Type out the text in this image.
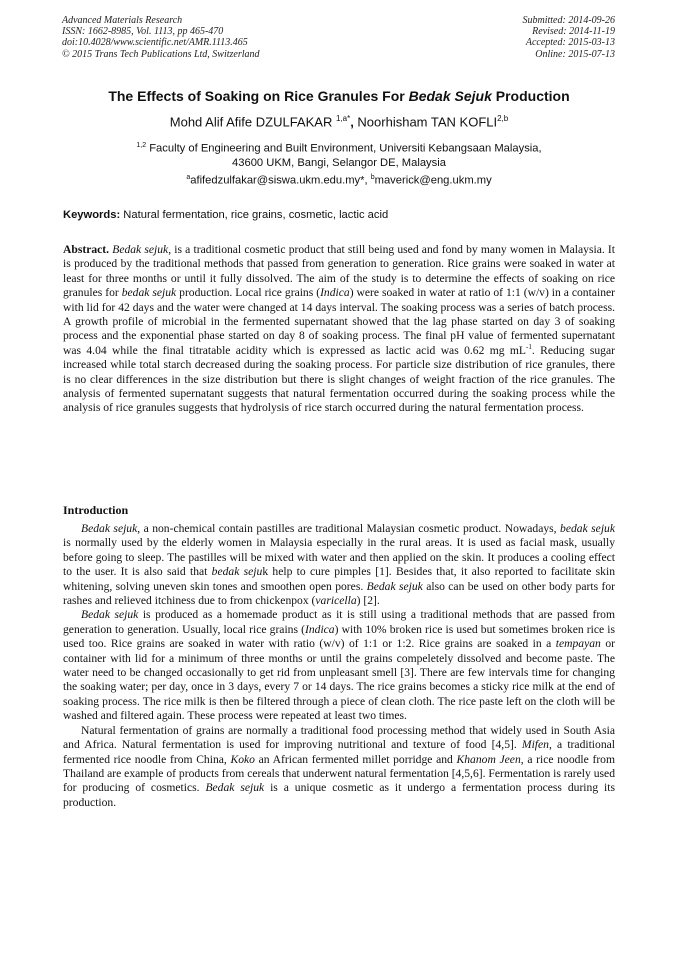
Advanced Materials Research
ISSN: 1662-8985, Vol. 1113, pp 465-470
doi:10.4028/www.scientific.net/AMR.1113.465
© 2015 Trans Tech Publications Ltd, Switzerland
Submitted: 2014-09-26
Revised: 2014-11-19
Accepted: 2015-03-13
Online: 2015-07-13
The Effects of Soaking on Rice Granules For Bedak Sejuk Production
Mohd Alif Afife DZULFAKAR $^{1,a*}$, Noorhisham TAN KOFLI$^{2,b}$
$^{1,2}$ Faculty of Engineering and Built Environment, Universiti Kebangsaan Malaysia,
43600 UKM, Bangi, Selangor DE, Malaysia
$^a$afifedzulfakar@siswa.ukm.edu.my*, $^b$maverick@eng.ukm.my
Keywords: Natural fermentation, rice grains, cosmetic, lactic acid
Abstract. Bedak sejuk, is a traditional cosmetic product that still being used and fond by many women in Malaysia. It is produced by the traditional methods that passed from generation to generation. Rice grains were soaked in water at least for three months or until it fully dissolved. The aim of the study is to determine the effects of soaking on rice granules for bedak sejuk production. Local rice grains (Indica) were soaked in water at ratio of 1:1 (w/v) in a container with lid for 42 days and the water were changed at 14 days interval. The soaking process was a series of batch process. A growth profile of microbial in the fermented supernatant showed that the lag phase started on day 3 of soaking process and the exponential phase started on day 8 of soaking process. The final pH value of fermented supernatant was 4.04 while the final titratable acidity which is expressed as lactic acid was 0.62 mg $mL^{-1}$. Reducing sugar increased while total starch decreased during the soaking process. For particle size distribution of rice granules, there is no clear differences in the size distribution but there is slight changes of weight fraction of the rice granules. The analysis of fermented supernatant suggests that natural fermentation occurred during the soaking process while the analysis of rice granules suggests that hydrolysis of rice starch occurred during the natural fermentation process.
Introduction

Bedak sejuk, a non-chemical contain pastilles are traditional Malaysian cosmetic product. Nowadays, bedak sejuk is normally used by the elderly women in Malaysia especially in the rural areas. It is used as facial mask, usually before going to sleep. The pastilles will be mixed with water and then applied on the skin. It produces a cooling effect to the user. It is also said that bedak sejuk help to cure pimples [1]. Besides that, it also reported to facilitate skin whitening, solving uneven skin tones and smoothen open pores. Bedak sejuk also can be used on other body parts for rashes and relieved itchiness due to from chickenpox (varicella) [2].

Bedak sejuk is produced as a homemade product as it is still using a traditional methods that are passed from generation to generation. Usually, local rice grains (Indica) with 10% broken rice is used but sometimes broken rice is used too. Rice grains are soaked in water with ratio (w/v) of 1:1 or 1:2. Rice grains are soaked in a tempayan or container with lid for a minimum of three months or until the grains compeletely dissolved and become paste. The water need to be changed occasionally to get rid from unpleasant smell [3]. There are few intervals time for changing the soaking water; per day, once in 3 days, every 7 or 14 days. The rice grains becomes a sticky rice milk at the end of soaking process. The rice milk is then be filtered through a piece of clean cloth. The rice paste left on the cloth will be washed and filtered again. These process were repeated at least two times.

Natural fermentation of grains are normally a traditional food processing method that widely used in South Asia and Africa. Natural fermentation is used for improving nutritional and texture of food [4,5]. Mifen, a traditional fermented rice noodle from China, Koko an African fermented millet porridge and Khanom Jeen, a rice noodle from Thailand are example of products from cereals that underwent natural fermentation [4,5,6]. Fermentation is rarely used for producing of cosmetics. Bedak sejuk is a unique cosmetic as it undergo a fermentation process during its production.
